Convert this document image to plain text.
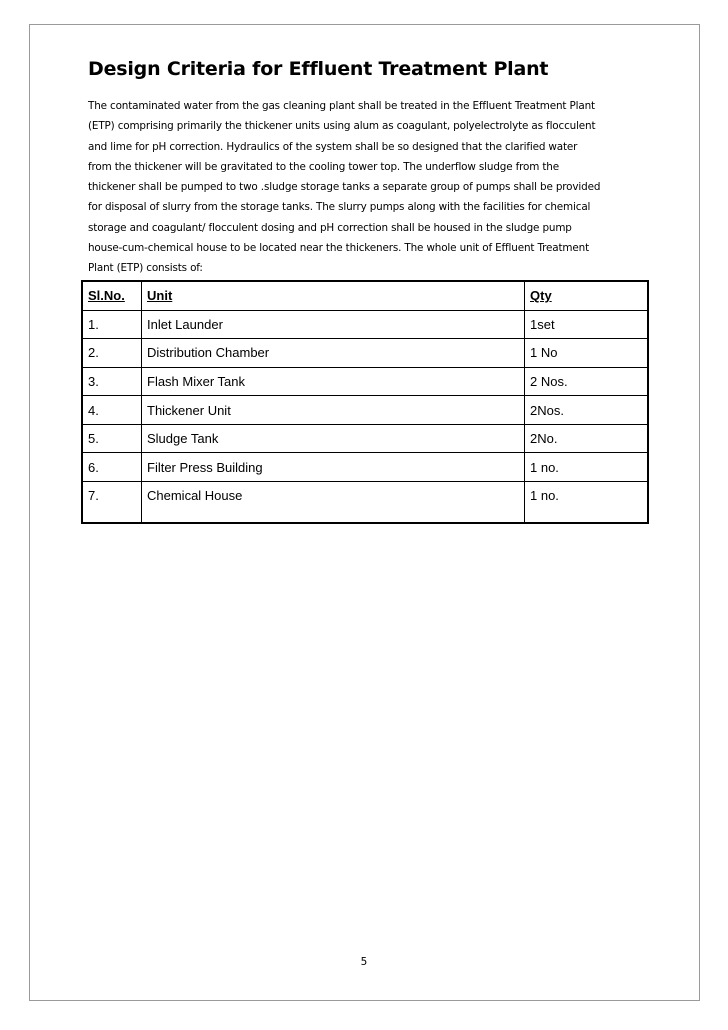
Design Criteria for Effluent Treatment Plant

The contaminated water from the gas cleaning plant shall be treated in the Effluent Treatment Plant
(ETP) comprising primarily the thickener units using alum as coagulant, polyelectrolyte as flocculent
and lime for pH correction. Hydraulics of the system shall be so designed that the clarified water
from the thickener will be gravitated to the cooling tower top. The underflow sludge from the
thickener shall be pumped to two .sludge storage tanks a separate group of pumps shall be provided
for disposal of slurry from the storage tanks. The slurry pumps along with the facilities for chemical
storage and coagulant/ flocculent dosing and pH correction shall be housed in the sludge pump
house-cum-chemical house to be located near the thickeners. The whole unit of Effluent Treatment
Plant (ETP) consists of:

Sl.No.	Unit	Qty
1.	Inlet Launder	1set
2.	Distribution Chamber	1 No
3.	Flash Mixer Tank	2 Nos.
4.	Thickener Unit	2Nos.
5.	Sludge Tank	2No.
6.	Filter Press Building	1 no.
7.	Chemical House	1 no.
5
